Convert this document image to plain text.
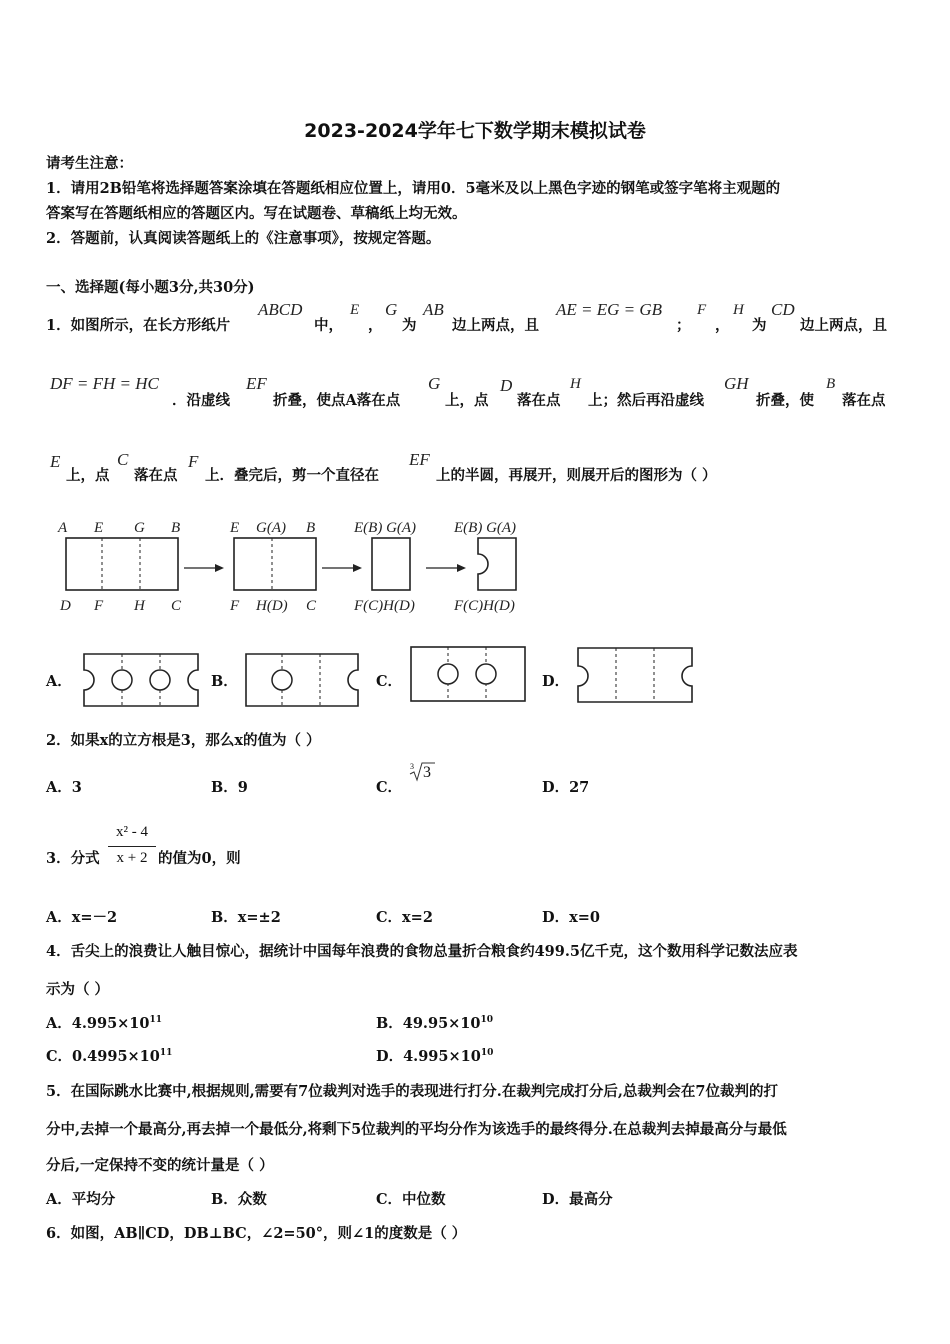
2023-2024学年七下数学期末模拟试卷
请考生注意：
1．请用2B铅笔将选择题答案涂填在答题纸相应位置上，请用0．5毫米及以上黑色字迹的钢笔或签字笔将主观题的
答案写在答题纸相应的答题区内。写在试题卷、草稿纸上均无效。
2．答题前，认真阅读答题纸上的《注意事项》，按规定答题。
一、选择题(每小题3分,共30分)
1．如图所示，在长方形纸片
ABCD
中，
E
，
G
为
AB
边上两点，且
AE = EG = GB
；
F
，
H
为
CD
边上两点，且
DF = FH = HC
．沿虚线
EF
折叠，使点A落在点
G
上，点
D
落在点
H
上；然后再沿虚线
GH
折叠，使
B
落在点
E
上，点
C
落在点
F
上．叠完后，剪一个直径在
EF
上的半圆，再展开，则展开后的图形为（ ）
A E G B
D F H C
E G(A) B
F H(D) C
E(B) G(A)
F(C)H(D)
E(B) G(A)
F(C)H(D)
A．	B．	C．	D．
2．如果x的立方根是3，那么x的值为（ ）
A．3	B．9	C．
3 3
D．27
3．分式
x² - 4
x + 2 的值为0，则
A．x=－2	B．x=±2	C．x=2	D．x=0
4．舌尖上的浪费让人触目惊心，据统计中国每年浪费的食物总量折合粮食约499.5亿千克，这个数用科学记数法应表
示为（ ）
A．$4.995\times 10^{11}$	B．$49.95\times 10^{10}$
C．$0.4995\times 10^{11}$	D．$4.995\times 10^{10}$
5．在国际跳水比赛中,根据规则,需要有7位裁判对选手的表现进行打分.在裁判完成打分后,总裁判会在7位裁判的打
分中,去掉一个最高分,再去掉一个最低分,将剩下5位裁判的平均分作为该选手的最终得分.在总裁判去掉最高分与最低
分后,一定保持不变的统计量是（ ）
A．平均分	B．众数	C．中位数	D．最高分
6．如图，AB∥CD，DB⊥BC，∠2=50°，则∠1的度数是（ ）
